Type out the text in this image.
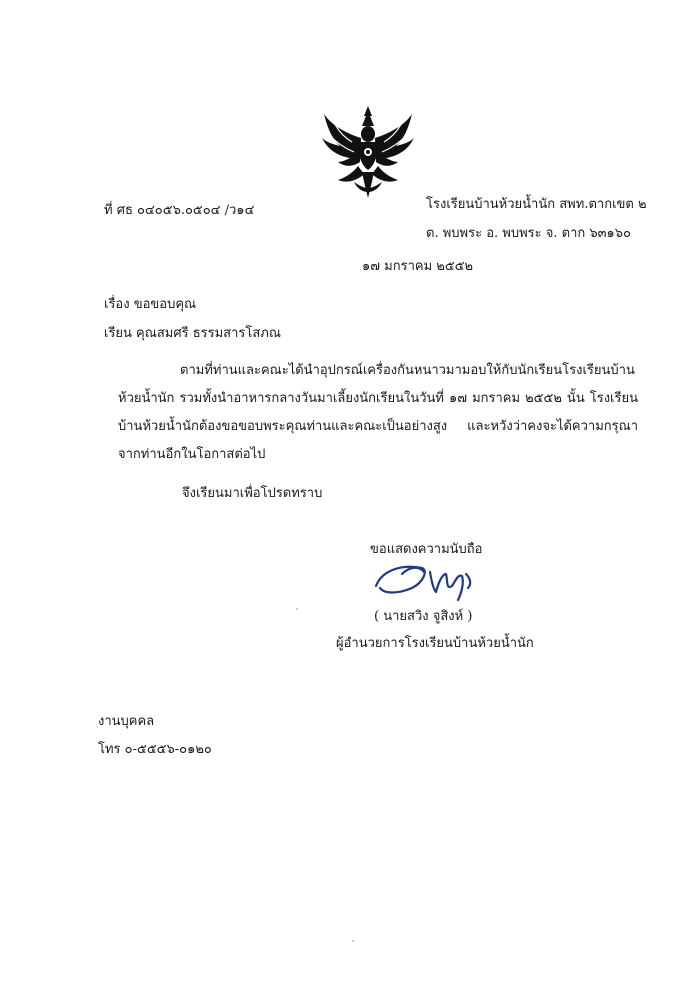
ที่ ศธ ๐๔๐๕๖.๐๕๐๔ /ว๑๔	โรงเรียนบ้านห้วยน้ำนัก สพท.ตากเขต ๒
ต. พบพระ อ. พบพระ จ. ตาก ๖๓๑๖๐
๑๗ มกราคม ๒๕๕๒
เรื่อง ขอขอบคุณ
เรียน คุณสมศรี ธรรมสารโสภณ
ตามที่ท่านและคณะได้นำอุปกรณ์เครื่องกันหนาวมามอบให้กับนักเรียนโรงเรียนบ้านห้วยน้ำนัก รวมทั้งนำอาหารกลางวันมาเลี้ยงนักเรียนในวันที่ ๑๗ มกราคม ๒๕๕๒ นั้น โรงเรียนบ้านห้วยน้ำนักต้องขอขอบพระคุณท่านและคณะเป็นอย่างสูง และหวังว่าคงจะได้ความกรุณาจากท่านอีกในโอกาสต่อไป
จึงเรียนมาเพื่อโปรดทราบ
ขอแสดงความนับถือ
( นายสวิง จูสิงห์ )
ผู้อำนวยการโรงเรียนบ้านห้วยน้ำนัก
งานบุคคล
โทร ๐-๕๕๕๖-๐๑๒๐
